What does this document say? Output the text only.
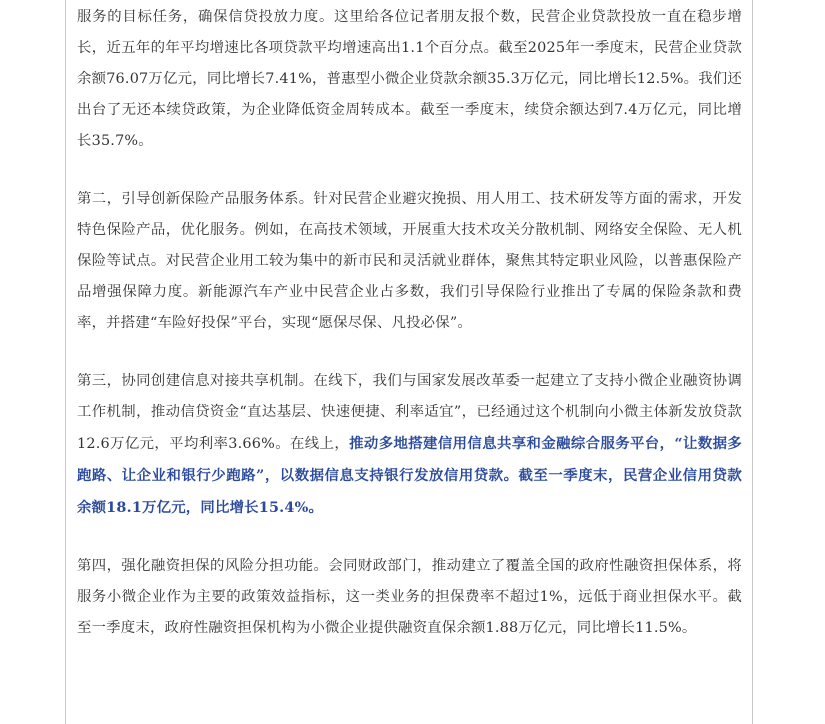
服务的目标任务，确保信贷投放力度。这里给各位记者朋友报个数，民营企业贷款投放一直在稳步增长，近五年的年平均增速比各项贷款平均增速高出1.1个百分点。截至2025年一季度末，民营企业贷款余额76.07万亿元，同比增长7.41%，普惠型小微企业贷款余额35.3万亿元，同比增长12.5%。我们还出台了无还本续贷政策，为企业降低资金周转成本。截至一季度末，续贷余额达到7.4万亿元，同比增长35.7%。

第二，引导创新保险产品服务体系。针对民营企业避灾挽损、用人用工、技术研发等方面的需求，开发特色保险产品，优化服务。例如，在高技术领域，开展重大技术攻关分散机制、网络安全保险、无人机保险等试点。对民营企业用工较为集中的新市民和灵活就业群体，聚焦其特定职业风险，以普惠保险产品增强保障力度。新能源汽车产业中民营企业占多数，我们引导保险行业推出了专属的保险条款和费率，并搭建“车险好投保”平台，实现“愿保尽保、凡投必保”。

第三，协同创建信息对接共享机制。在线下，我们与国家发展改革委一起建立了支持小微企业融资协调工作机制，推动信贷资金“直达基层、快速便捷、利率适宜”，已经通过这个机制向小微主体新发放贷款12.6万亿元，平均利率3.66%。在线上，推动多地搭建信用信息共享和金融综合服务平台，“让数据多跑路、让企业和银行少跑路”，以数据信息支持银行发放信用贷款。截至一季度末，民营企业信用贷款余额18.1万亿元，同比增长15.4%。

第四，强化融资担保的风险分担功能。会同财政部门，推动建立了覆盖全国的政府性融资担保体系，将服务小微企业作为主要的政策效益指标，这一类业务的担保费率不超过1%，远低于商业担保水平。截至一季度末，政府性融资担保机构为小微企业提供融资直保余额1.88万亿元，同比增长11.5%。
